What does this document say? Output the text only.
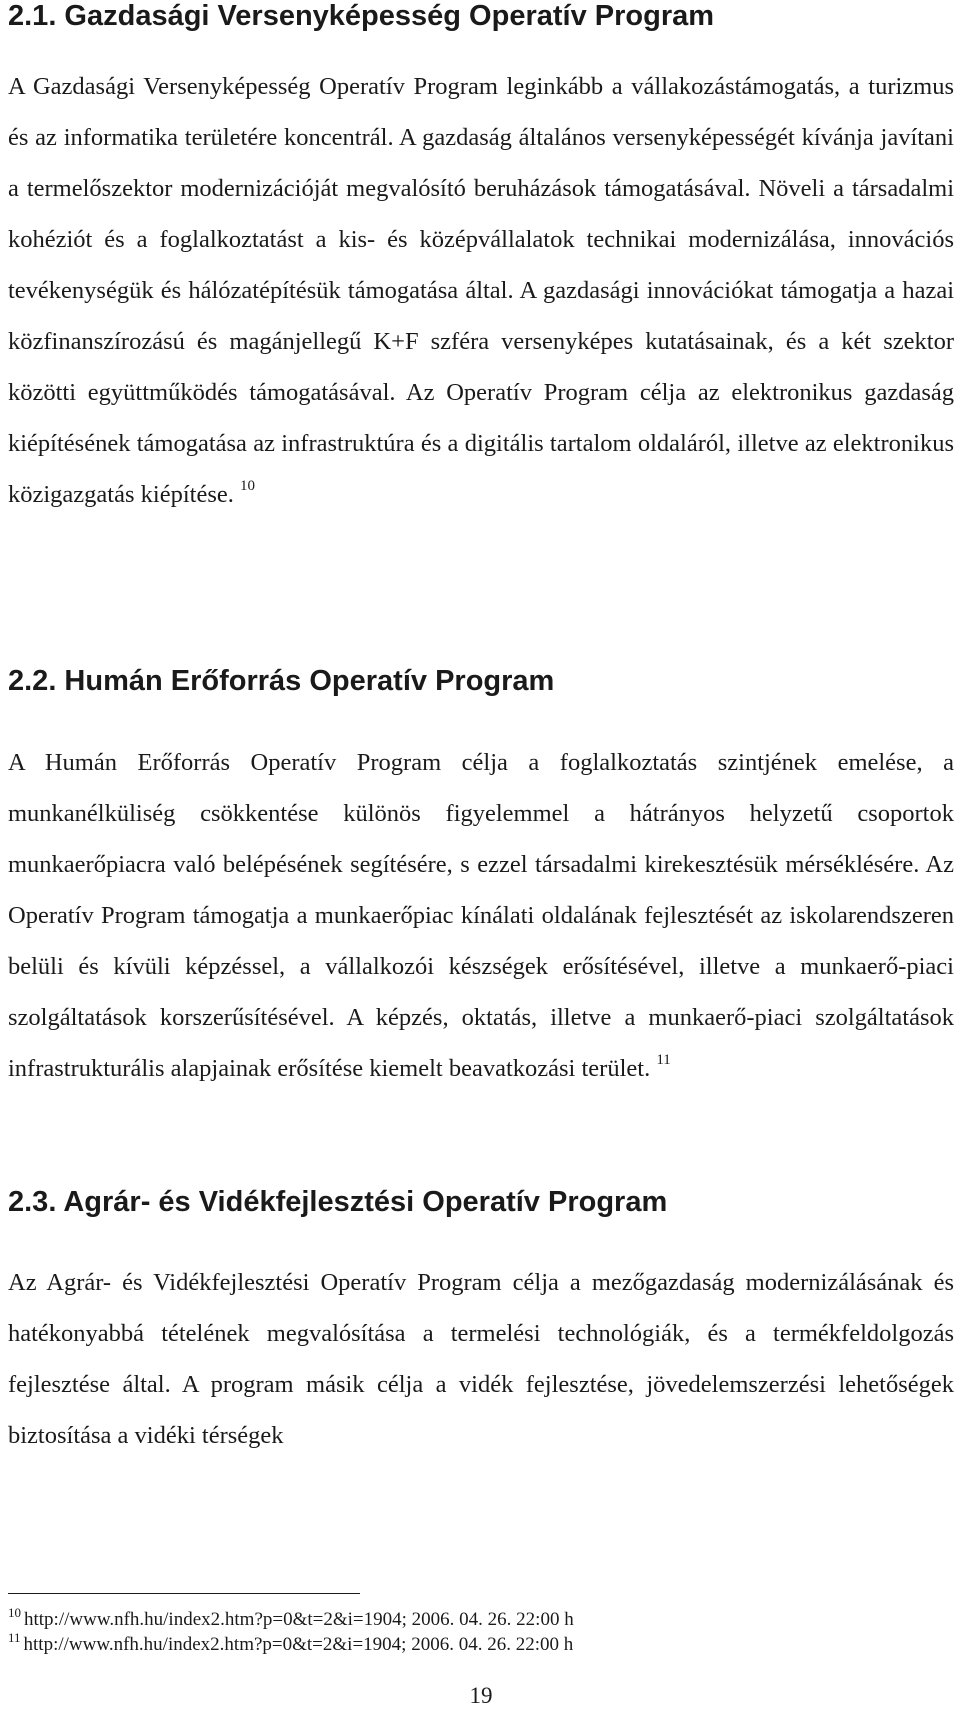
2.1. Gazdasági Versenyképesség Operatív Program

A Gazdasági Versenyképesség Operatív Program leginkább a vállakozástámogatás, a turizmus és az informatika területére koncentrál. A gazdaság általános versenyképességét kívánja javítani a termelőszektor modernizációját megvalósító beruházások támogatásával. Növeli a társadalmi kohéziót és a foglalkoztatást a kis- és középvállalatok technikai modernizálása, innovációs tevékenységük és hálózatépítésük támogatása által. A gazdasági innovációkat támogatja a hazai közfinanszírozású és magánjellegű K+F szféra versenyképes kutatásainak, és a két szektor közötti együttműködés támogatásával. Az Operatív Program célja az elektronikus gazdaság kiépítésének támogatása az infrastruktúra és a digitális tartalom oldaláról, illetve az elektronikus közigazgatás kiépítése. $^{10}$

2.2. Humán Erőforrás Operatív Program

A Humán Erőforrás Operatív Program célja a foglalkoztatás szintjének emelése, a munkanélküliség csökkentése különös figyelemmel a hátrányos helyzetű csoportok munkaerőpiacra való belépésének segítésére, s ezzel társadalmi kirekesztésük mérséklésére. Az Operatív Program támogatja a munkaerőpiac kínálati oldalának fejlesztését az iskolarendszeren belüli és kívüli képzéssel, a vállalkozói készségek erősítésével, illetve a munkaerő-piaci szolgáltatások korszerűsítésével. A képzés, oktatás, illetve a munkaerő-piaci szolgáltatások infrastrukturális alapjainak erősítése kiemelt beavatkozási terület. $^{11}$

2.3. Agrár- és Vidékfejlesztési Operatív Program

Az Agrár- és Vidékfejlesztési Operatív Program célja a mezőgazdaság modernizálásának és hatékonyabbá tételének megvalósítása a termelési technológiák, és a termékfeldolgozás fejlesztése által. A program másik célja a vidék fejlesztése, jövedelemszerzési lehetőségek biztosítása a vidéki térségek

$^{10}$ http://www.nfh.hu/index2.htm?p=0&t=2&i=1904; 2006. 04. 26. 22:00 h
$^{11}$ http://www.nfh.hu/index2.htm?p=0&t=2&i=1904; 2006. 04. 26. 22:00 h
19
